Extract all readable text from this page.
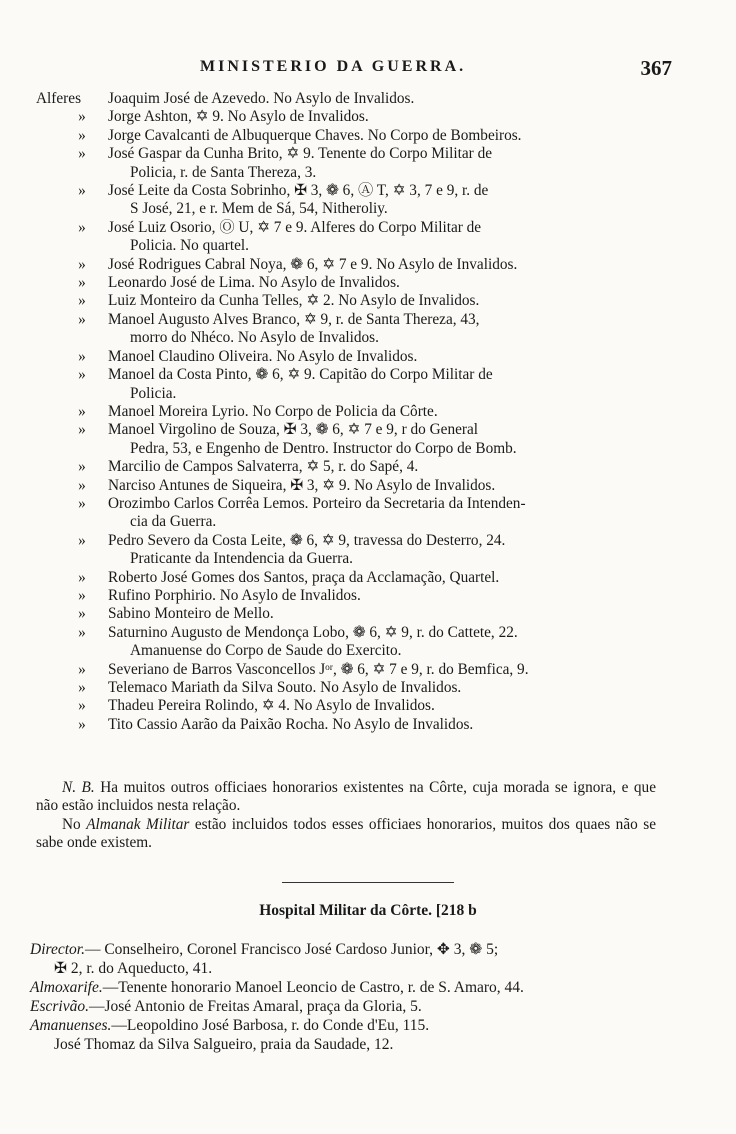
MINISTERIO DA GUERRA.	367
Alferes	Joaquim José de Azevedo. No Asylo de Invalidos.
»	Jorge Ashton, ✡ 9. No Asylo de Invalidos.
»	Jorge Cavalcanti de Albuquerque Chaves. No Corpo de Bombeiros.
»	José Gaspar da Cunha Brito, ✡ 9. Tenente do Corpo Militar de
Policia, r. de Santa Thereza, 3.
»	José Leite da Costa Sobrinho, ✠ 3, ❁ 6, Ⓐ T, ✡ 3, 7 e 9, r. de
S José, 21, e r. Mem de Sá, 54, Nitheroliy.
»	José Luiz Osorio, Ⓞ U, ✡ 7 e 9. Alferes do Corpo Militar de
Policia. No quartel.
»	José Rodrigues Cabral Noya, ❁ 6, ✡ 7 e 9. No Asylo de Invalidos.
»	Leonardo José de Lima. No Asylo de Invalidos.
»	Luiz Monteiro da Cunha Telles, ✡ 2. No Asylo de Invalidos.
»	Manoel Augusto Alves Branco, ✡ 9, r. de Santa Thereza, 43,
morro do Nhéco. No Asylo de Invalidos.
»	Manoel Claudino Oliveira. No Asylo de Invalidos.
»	Manoel da Costa Pinto, ❁ 6, ✡ 9. Capitão do Corpo Militar de
Policia.
»	Manoel Moreira Lyrio. No Corpo de Policia da Côrte.
»	Manoel Virgolino de Souza, ✠ 3, ❁ 6, ✡ 7 e 9, r do General
Pedra, 53, e Engenho de Dentro. Instructor do Corpo de Bomb.
»	Marcilio de Campos Salvaterra, ✡ 5, r. do Sapé, 4.
»	Narciso Antunes de Siqueira, ✠ 3, ✡ 9. No Asylo de Invalidos.
»	Orozimbo Carlos Corrêa Lemos. Porteiro da Secretaria da Intenden-
cia da Guerra.
»	Pedro Severo da Costa Leite, ❁ 6, ✡ 9, travessa do Desterro, 24.
Praticante da Intendencia da Guerra.
»	Roberto José Gomes dos Santos, praça da Acclamação, Quartel.
»	Rufino Porphirio. No Asylo de Invalidos.
»	Sabino Monteiro de Mello.
»	Saturnino Augusto de Mendonça Lobo, ❁ 6, ✡ 9, r. do Cattete, 22.
Amanuense do Corpo de Saude do Exercito.
»	Severiano de Barros Vasconcellos Jᵒʳ, ❁ 6, ✡ 7 e 9, r. do Bemfica, 9.
»	Telemaco Mariath da Silva Souto. No Asylo de Invalidos.
»	Thadeu Pereira Rolindo, ✡ 4. No Asylo de Invalidos.
»	Tito Cassio Aarão da Paixão Rocha. No Asylo de Invalidos.

N. B. Ha muitos outros officiaes honorarios existentes na Côrte, cuja morada se ignora, e que não estão incluidos nesta relação.

No Almanak Militar estão incluidos todos esses officiaes honorarios, muitos dos quaes não se sabe onde existem.

Hospital Militar da Côrte. [218 b

Director.— Conselheiro, Coronel Francisco José Cardoso Junior, ✥ 3, ❁ 5;

✠ 2, r. do Aqueducto, 41.

Almoxarife.—Tenente honorario Manoel Leoncio de Castro, r. de S. Amaro, 44.

Escrivão.—José Antonio de Freitas Amaral, praça da Gloria, 5.

Amanuenses.—Leopoldino José Barbosa, r. do Conde d'Eu, 115.

José Thomaz da Silva Salgueiro, praia da Saudade, 12.
